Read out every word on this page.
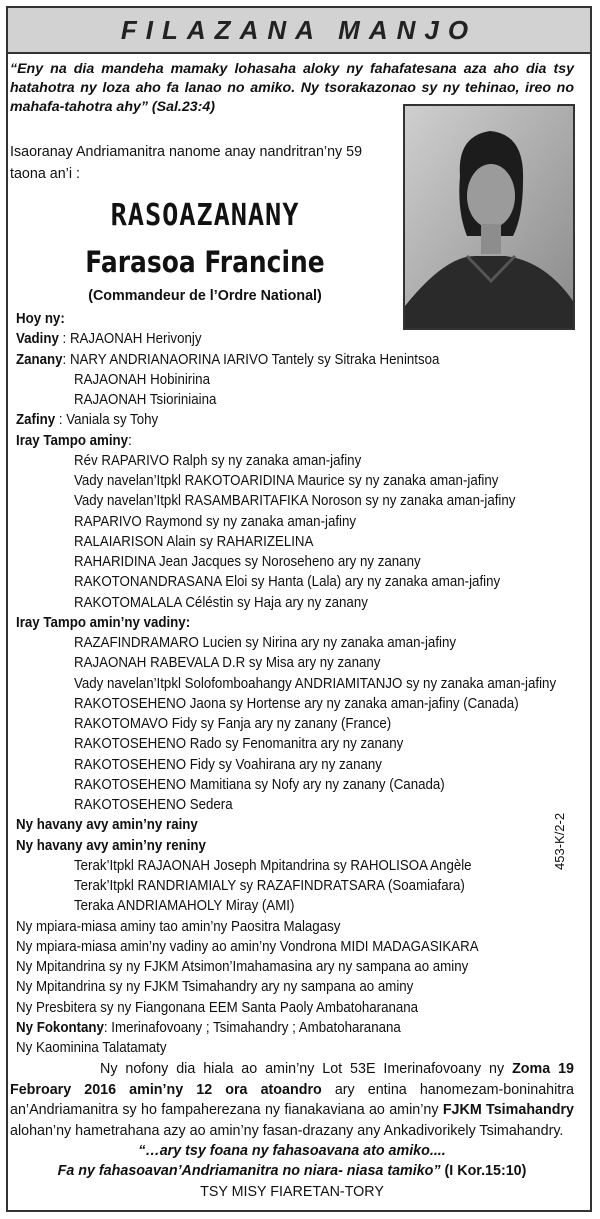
FILAZANA MANJO
“Eny na dia mandeha mamaky lohasaha aloky ny fahafatesana aza aho dia tsy hatahotra ny loza aho fa lanao no amiko. Ny tsorakazonao sy ny tehinao, ireo no mahafa-tahotra ahy” (Sal.23:4)
Isaoranay Andriamanitra nanome anay nandritran’ny 59 taona an’i :
RASOAZANANY
Farasoa Francine
(Commandeur de l’Ordre National)
Hoy ny:
Vadiny : RAJAONAH Herivonjy
Zanany: NARY ANDRIANAORINA IARIVO Tantely sy Sitraka Henintsoa
RAJAONAH Hobinirina
RAJAONAH Tsioriniaina
Zafiny : Vaniala sy Tohy
Iray Tampo aminy:
Rév RAPARIVO Ralph sy ny zanaka aman-jafiny
Vady navelan’Itpkl RAKOTOARIDINA Maurice sy ny zanaka aman-jafiny
Vady navelan’Itpkl RASAMBARITAFIKA Noroson sy ny zanaka aman-jafiny
RAPARIVO Raymond sy ny zanaka aman-jafiny
RALAIARISON Alain sy RAHARIZELINA
RAHARIDINA Jean Jacques sy Noroseheno ary ny zanany
RAKOTONANDRASANA Eloi sy Hanta (Lala) ary ny zanaka aman-jafiny
RAKOTOMALALA Céléstin sy Haja ary ny zanany
Iray Tampo amin’ny vadiny:
RAZAFINDRAMARO Lucien sy Nirina ary ny zanaka aman-jafiny
RAJAONAH RABEVALA D.R sy Misa ary ny zanany
Vady navelan’Itpkl Solofomboahangy ANDRIAMITANJO sy ny zanaka aman-jafiny
RAKOTOSEHENO Jaona sy Hortense ary ny zanaka aman-jafiny (Canada)
RAKOTOMAVO Fidy sy Fanja ary ny zanany (France)
RAKOTOSEHENO Rado sy Fenomanitra ary ny zanany
RAKOTOSEHENO Fidy sy Voahirana ary ny zanany
RAKOTOSEHENO Mamitiana sy Nofy ary ny zanany (Canada)
RAKOTOSEHENO Sedera
Ny havany avy amin’ny rainy
Ny havany avy amin’ny reniny
Terak’Itpkl RAJAONAH Joseph Mpitandrina sy RAHOLISOA Angèle
Terak’Itpkl RANDRIAMIALY sy RAZAFINDRATSARA (Soamiafara)
Teraka ANDRIAMAHOLY Miray (AMI)
Ny mpiara-miasa aminy tao amin’ny Paositra Malagasy
Ny mpiara-miasa amin’ny vadiny ao amin’ny Vondrona MIDI MADAGASIKARA
Ny Mpitandrina sy ny FJKM Atsimon’Imahamasina ary ny sampana ao aminy
Ny Mpitandrina sy ny FJKM Tsimahandry ary ny sampana ao aminy
Ny Presbitera sy ny Fiangonana EEM Santa Paoly Ambatoharanana
Ny Fokontany: Imerinafovoany ; Tsimahandry ; Ambatoharanana
Ny Kaominina Talatamaty
453-K/2-2
Ny nofony dia hiala ao amin’ny Lot 53E Imerinafovoany ny Zoma 19 Febroary 2016 amin’ny 12 ora atoandro ary entina hanomezam-boninahitra an’Andriamanitra sy ho fampaherezana ny fianakaviana ao amin’ny FJKM Tsimahandry alohan’ny hametrahana azy ao amin’ny fasan-drazany any Ankadivorikely Tsimahandry.
“…ary tsy foana ny fahasoavana ato amiko....
Fa ny fahasoavan’Andriamanitra no niara- niasa tamiko” (I Kor.15:10)
TSY MISY FIARETAN-TORY
